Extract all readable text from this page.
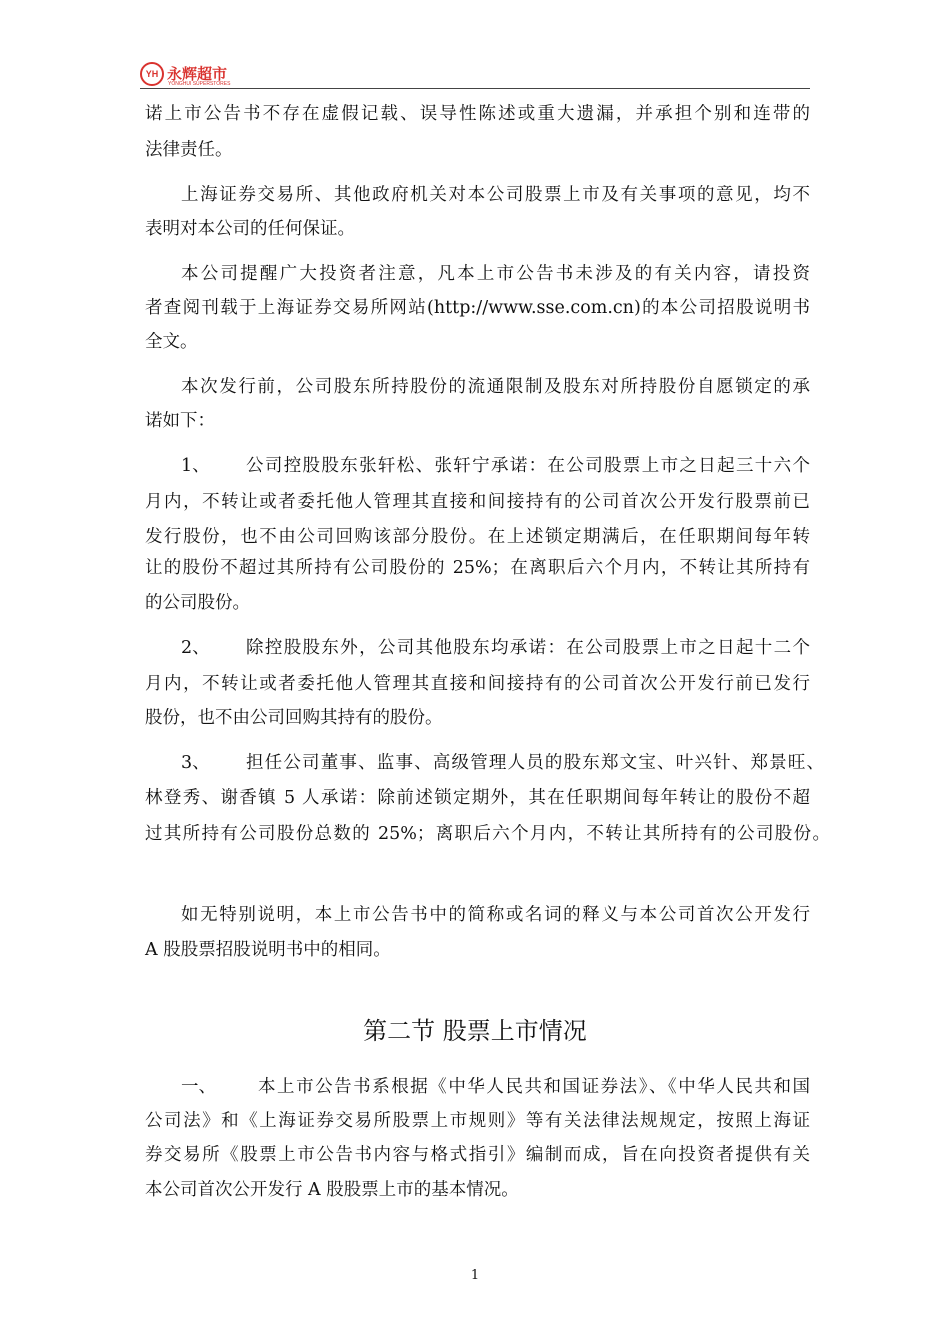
YH 永辉超市
YONGHUI SUPERSTORES
诺上市公告书不存在虚假记载、误导性陈述或重大遗漏，并承担个别和连带的
法律责任。
上海证券交易所、其他政府机关对本公司股票上市及有关事项的意见，均不
表明对本公司的任何保证。
本公司提醒广大投资者注意，凡本上市公告书未涉及的有关内容，请投资
者查阅刊载于上海证券交易所网站(http://www.sse.com.cn)的本公司招股说明书
全文。
本次发行前，公司股东所持股份的流通限制及股东对所持股份自愿锁定的承
诺如下：
1、 公司控股股东张轩松、张轩宁承诺：在公司股票上市之日起三十六个
月内，不转让或者委托他人管理其直接和间接持有的公司首次公开发行股票前已
发行股份，也不由公司回购该部分股份。在上述锁定期满后，在任职期间每年转
让的股份不超过其所持有公司股份的 25%；在离职后六个月内，不转让其所持有
的公司股份。
2、 除控股股东外，公司其他股东均承诺：在公司股票上市之日起十二个
月内，不转让或者委托他人管理其直接和间接持有的公司首次公开发行前已发行
股份，也不由公司回购其持有的股份。
3、 担任公司董事、监事、高级管理人员的股东郑文宝、叶兴针、郑景旺、
林登秀、谢香镇 5 人承诺：除前述锁定期外，其在任职期间每年转让的股份不超
过其所持有公司股份总数的 25%；离职后六个月内，不转让其所持有的公司股份。
如无特别说明，本上市公告书中的简称或名词的释义与本公司首次公开发行
A 股股票招股说明书中的相同。
第二节 股票上市情况
一、 本上市公告书系根据《中华人民共和国证券法》、《中华人民共和国
公司法》和《上海证券交易所股票上市规则》等有关法律法规规定，按照上海证
券交易所《股票上市公告书内容与格式指引》编制而成，旨在向投资者提供有关
本公司首次公开发行 A 股股票上市的基本情况。
1
